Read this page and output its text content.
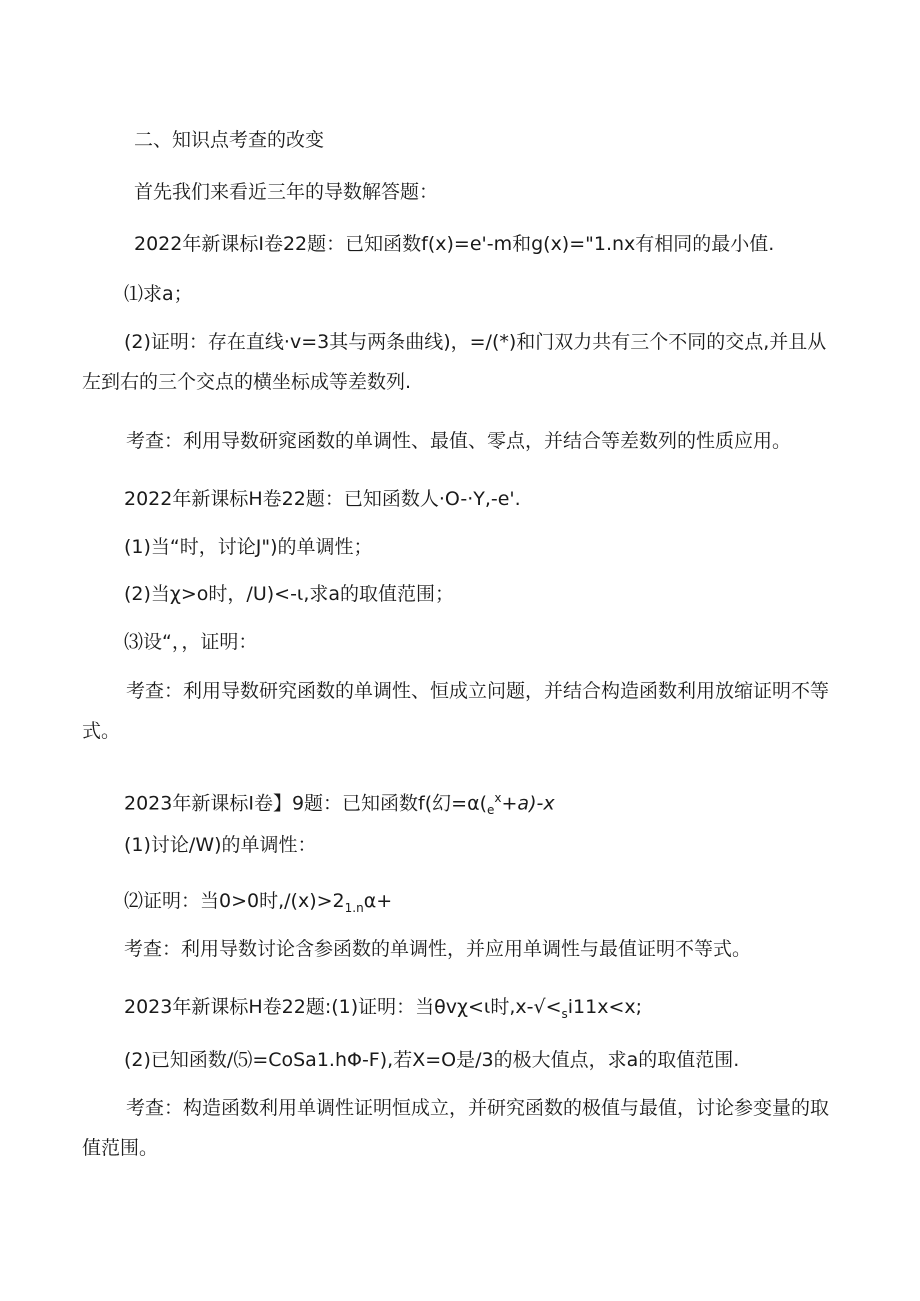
二、知识点考查的改变
首先我们来看近三年的导数解答题：
2022年新课标I卷22题：已知函数f(x)=e'-m和g(x)="1.nx有相同的最小值.
⑴求a；
(2)证明：存在直线·v=3其与两条曲线)，=/(*)和门双力共有三个不同的交点,并且从左到右的三个交点的横坐标成等差数列.
考查：利用导数研窕函数的单调性、最值、零点，并结合等差数列的性质应用。
2022年新课标H卷22题：已知函数人·O-·Y,-e'.
(1)当“时，讨论J")的单调性；
(2)当χ>o时，/U)<-ι,求a的取值范围；
⑶设“，，证明：
考查：利用导数研究函数的单调性、恒成立问题，并结合构造函数利用放缩证明不等式。
2023年新课标I卷】9题：已知函数f(幻$=\alpha(_e^x+a)-x$
(1)讨论/W)的单调性：
⑵证明：当0>0时$,/(x)>2_{1.n}\alpha+$
考查：利用导数讨论含参函数的单调性，并应用单调性与最值证明不等式。
2023年新课标H卷22题:(1)证明：当θvχ<ι时$,x-√<_si11x<x$;
(2)已知函数/⑸=CoSa1.hΦ-F),若X=O是/3的极大值点，求a的取值范围.
考查：构造函数利用单调性证明恒成立，并研究函数的极值与最值，讨论参变量的取值范围。
